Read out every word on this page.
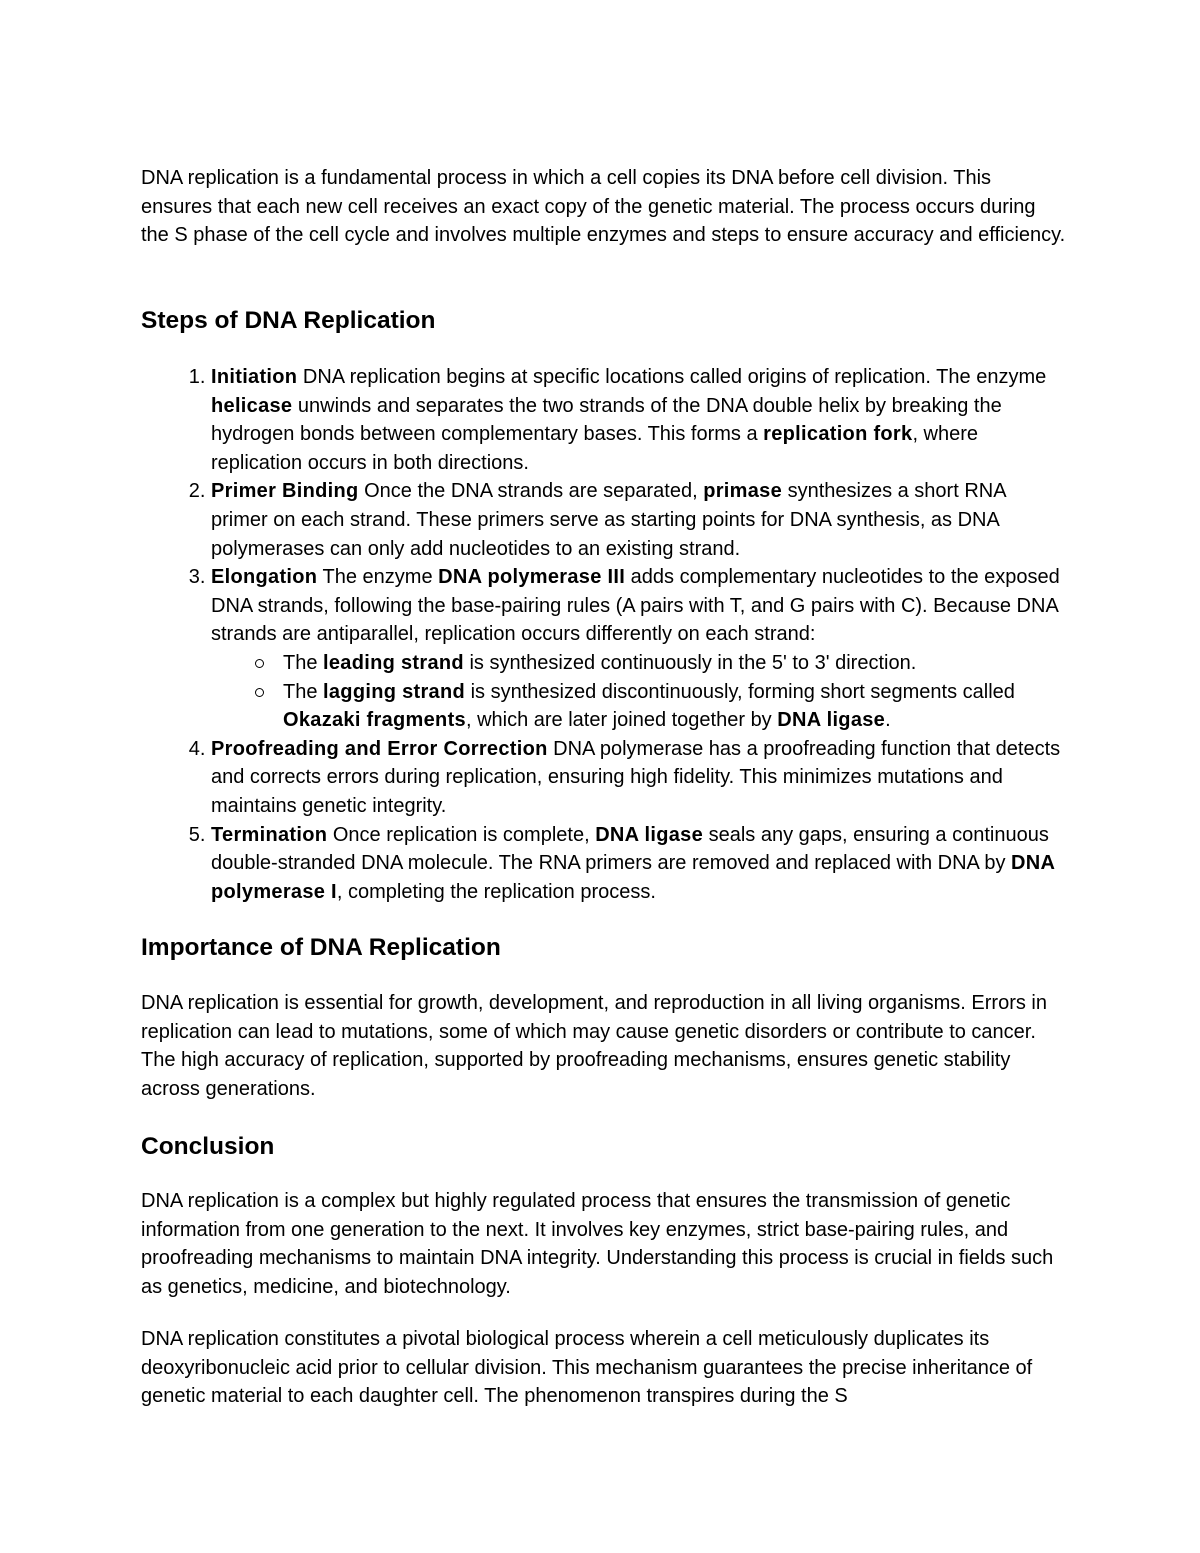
DNA replication is a fundamental process in which a cell copies its DNA before cell division. This ensures that each new cell receives an exact copy of the genetic material. The process occurs during the S phase of the cell cycle and involves multiple enzymes and steps to ensure accuracy and efficiency.

Steps of DNA Replication
1. Initiation DNA replication begins at specific locations called origins of replication. The enzyme helicase unwinds and separates the two strands of the DNA double helix by breaking the hydrogen bonds between complementary bases. This forms a replication fork, where replication occurs in both directions.
2. Primer Binding Once the DNA strands are separated, primase synthesizes a short RNA primer on each strand. These primers serve as starting points for DNA synthesis, as DNA polymerases can only add nucleotides to an existing strand.
3. Elongation The enzyme DNA polymerase III adds complementary nucleotides to the exposed DNA strands, following the base-pairing rules (A pairs with T, and G pairs with C). Because DNA strands are antiparallel, replication occurs differently on each strand:
The leading strand is synthesized continuously in the 5' to 3' direction.
The lagging strand is synthesized discontinuously, forming short segments called Okazaki fragments, which are later joined together by DNA ligase.
4. Proofreading and Error Correction DNA polymerase has a proofreading function that detects and corrects errors during replication, ensuring high fidelity. This minimizes mutations and maintains genetic integrity.
5. Termination Once replication is complete, DNA ligase seals any gaps, ensuring a continuous double-stranded DNA molecule. The RNA primers are removed and replaced with DNA by DNA polymerase I, completing the replication process.
Importance of DNA Replication

DNA replication is essential for growth, development, and reproduction in all living organisms. Errors in replication can lead to mutations, some of which may cause genetic disorders or contribute to cancer. The high accuracy of replication, supported by proofreading mechanisms, ensures genetic stability across generations.

Conclusion

DNA replication is a complex but highly regulated process that ensures the transmission of genetic information from one generation to the next. It involves key enzymes, strict base-pairing rules, and proofreading mechanisms to maintain DNA integrity. Understanding this process is crucial in fields such as genetics, medicine, and biotechnology.

DNA replication constitutes a pivotal biological process wherein a cell meticulously duplicates its deoxyribonucleic acid prior to cellular division. This mechanism guarantees the precise inheritance of genetic material to each daughter cell. The phenomenon transpires during the S
